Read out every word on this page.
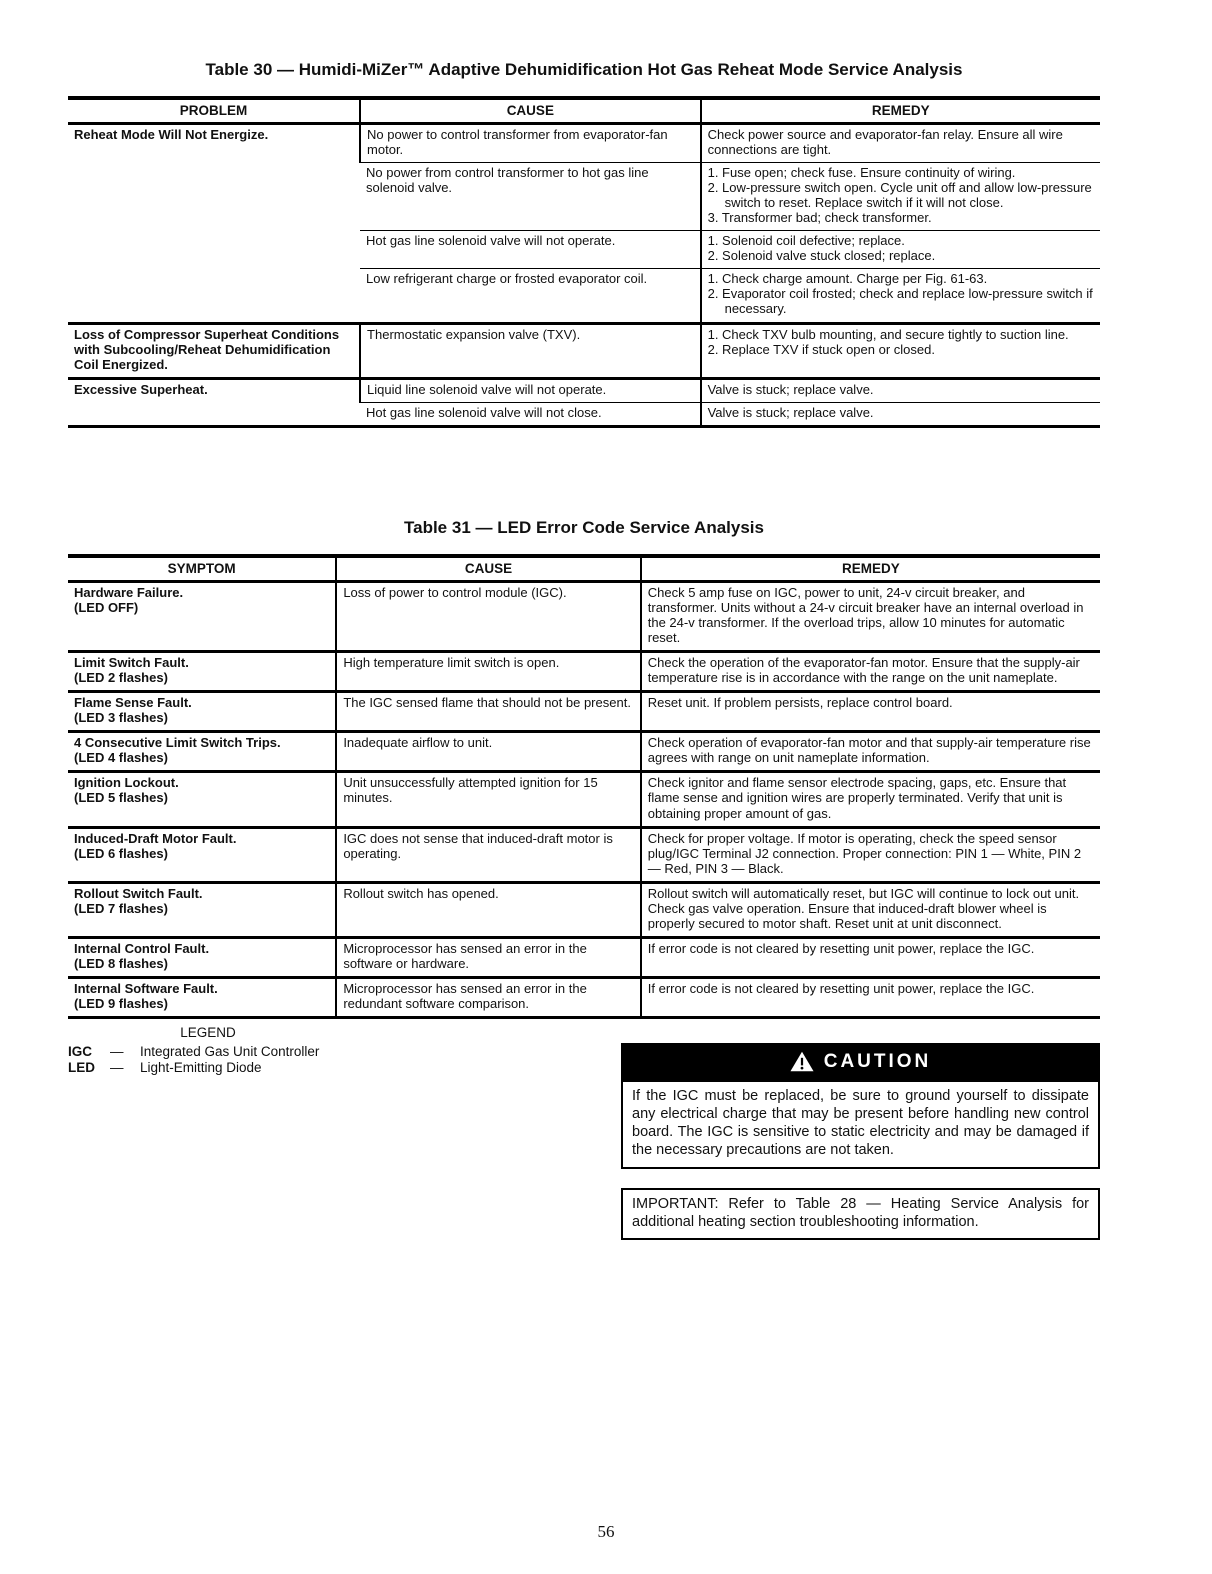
Table 30 — Humidi-MiZer™ Adaptive Dehumidification Hot Gas Reheat Mode Service Analysis
PROBLEM	CAUSE	REMEDY
Reheat Mode Will Not Energize.	No power to control transformer from evaporator-fan motor.	Check power source and evaporator-fan relay. Ensure all wire connections are tight.

	No power from control transformer to hot gas line solenoid valve.	1. Fuse open; check fuse. Ensure continuity of wiring.
2. Low-pressure switch open. Cycle unit off and allow low-pressure switch to reset. Replace switch if it will not close.
3. Transformer bad; check transformer.

	Hot gas line solenoid valve will not operate.	1. Solenoid coil defective; replace.
2. Solenoid valve stuck closed; replace.

	Low refrigerant charge or frosted evaporator coil.	1. Check charge amount. Charge per Fig. 61-63.
2. Evaporator coil frosted; check and replace low-pressure switch if necessary.

Loss of Compressor Superheat Conditions with Subcooling/Reheat Dehumidification Coil Energized.	Thermostatic expansion valve (TXV).	1. Check TXV bulb mounting, and secure tightly to suction line.
2. Replace TXV if stuck open or closed.

Excessive Superheat.	Liquid line solenoid valve will not operate.	Valve is stuck; replace valve.

	Hot gas line solenoid valve will not close.	Valve is stuck; replace valve.
Table 31 — LED Error Code Service Analysis
SYMPTOM	CAUSE	REMEDY

Hardware Failure.
(LED OFF)	Loss of power to control module (IGC).	Check 5 amp fuse on IGC, power to unit, 24-v circuit breaker, and transformer. Units without a 24-v circuit breaker have an internal overload in the 24-v transformer. If the overload trips, allow 10 minutes for automatic reset.

Limit Switch Fault.
(LED 2 flashes)	High temperature limit switch is open.	Check the operation of the evaporator-fan motor. Ensure that the supply-air temperature rise is in accordance with the range on the unit nameplate.

Flame Sense Fault.
(LED 3 flashes)	The IGC sensed flame that should not be present.	Reset unit. If problem persists, replace control board.

4 Consecutive Limit Switch Trips.
(LED 4 flashes)	Inadequate airflow to unit.	Check operation of evaporator-fan motor and that supply-air temperature rise agrees with range on unit nameplate information.

Ignition Lockout.
(LED 5 flashes)	Unit unsuccessfully attempted ignition for 15 minutes.	Check ignitor and flame sensor electrode spacing, gaps, etc. Ensure that flame sense and ignition wires are properly terminated. Verify that unit is obtaining proper amount of gas.

Induced-Draft Motor Fault.
(LED 6 flashes)	IGC does not sense that induced-draft motor is operating.	Check for proper voltage. If motor is operating, check the speed sensor plug/IGC Terminal J2 connection. Proper connection: PIN 1 — White, PIN 2 — Red, PIN 3 — Black.

Rollout Switch Fault.
(LED 7 flashes)	Rollout switch has opened.	Rollout switch will automatically reset, but IGC will continue to lock out unit. Check gas valve operation. Ensure that induced-draft blower wheel is properly secured to motor shaft. Reset unit at unit disconnect.

Internal Control Fault.
(LED 8 flashes)	Microprocessor has sensed an error in the software or hardware.	If error code is not cleared by resetting unit power, replace the IGC.

Internal Software Fault.
(LED 9 flashes)	Microprocessor has sensed an error in the redundant software comparison.	If error code is not cleared by resetting unit power, replace the IGC.
LEGEND
IGC	—	Integrated Gas Unit Controller
LED	—	Light-Emitting Diode	CAUTION
If the IGC must be replaced, be sure to ground yourself to dissipate any electrical charge that may be present before handling new control board. The IGC is sensitive to static electricity and may be damaged if the necessary precautions are not taken.
IMPORTANT: Refer to Table 28 — Heating Service Analysis for additional heating section troubleshooting information.
56
